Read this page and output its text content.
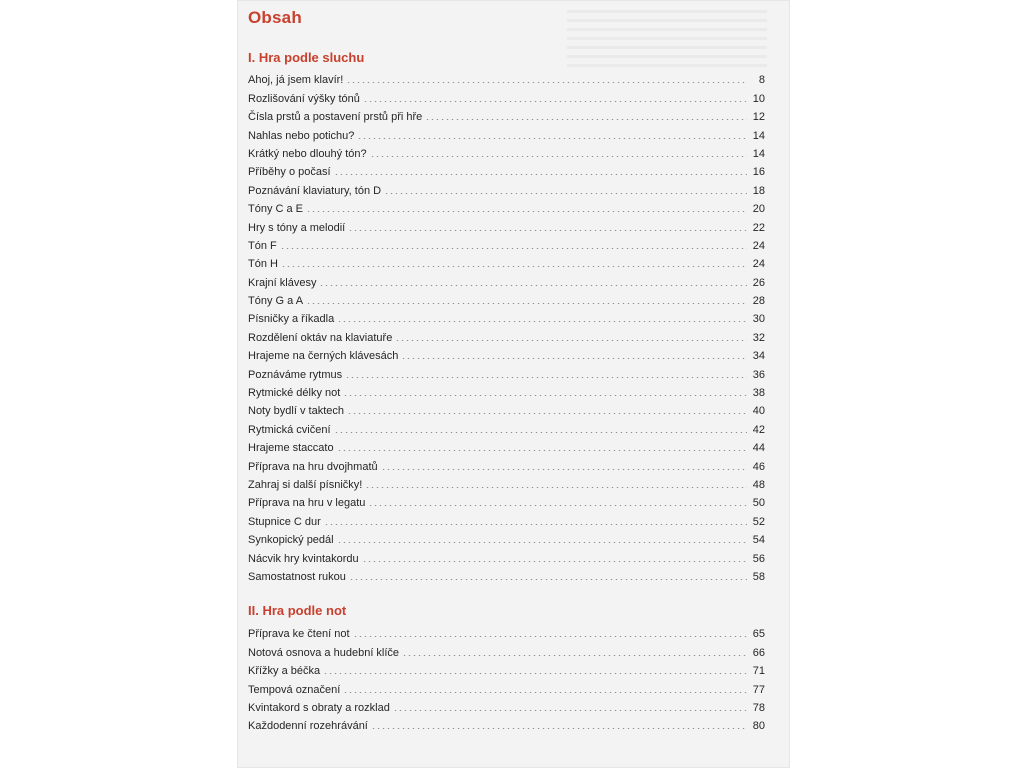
Obsah
I. Hra podle sluchu
Ahoj, já jsem klavír!	8
Rozlišování výšky tónů	10
Čísla prstů a postavení prstů při hře	12
Nahlas nebo potichu?	14
Krátký nebo dlouhý tón?	14
Příběhy o počasí	16
Poznávání klaviatury, tón D	18
Tóny C a E	20
Hry s tóny a melodií	22
Tón F	24
Tón H	24
Krajní klávesy	26
Tóny G a A	28
Písničky a říkadla	30
Rozdělení oktáv na klaviatuře	32
Hrajeme na černých klávesách	34
Poznáváme rytmus	36
Rytmické délky not	38
Noty bydlí v taktech	40
Rytmická cvičení	42
Hrajeme staccato	44
Příprava na hru dvojhmatů	46
Zahraj si další písničky!	48
Příprava na hru v legatu	50
Stupnice C dur	52
Synkopický pedál	54
Nácvik hry kvintakordu	56
Samostatnost rukou	58
II. Hra podle not
Příprava ke čtení not	65
Notová osnova a hudební klíče	66
Křížky a béčka	71
Tempová označení	77
Kvintakord s obraty a rozklad	78
Každodenní rozehrávání	80
